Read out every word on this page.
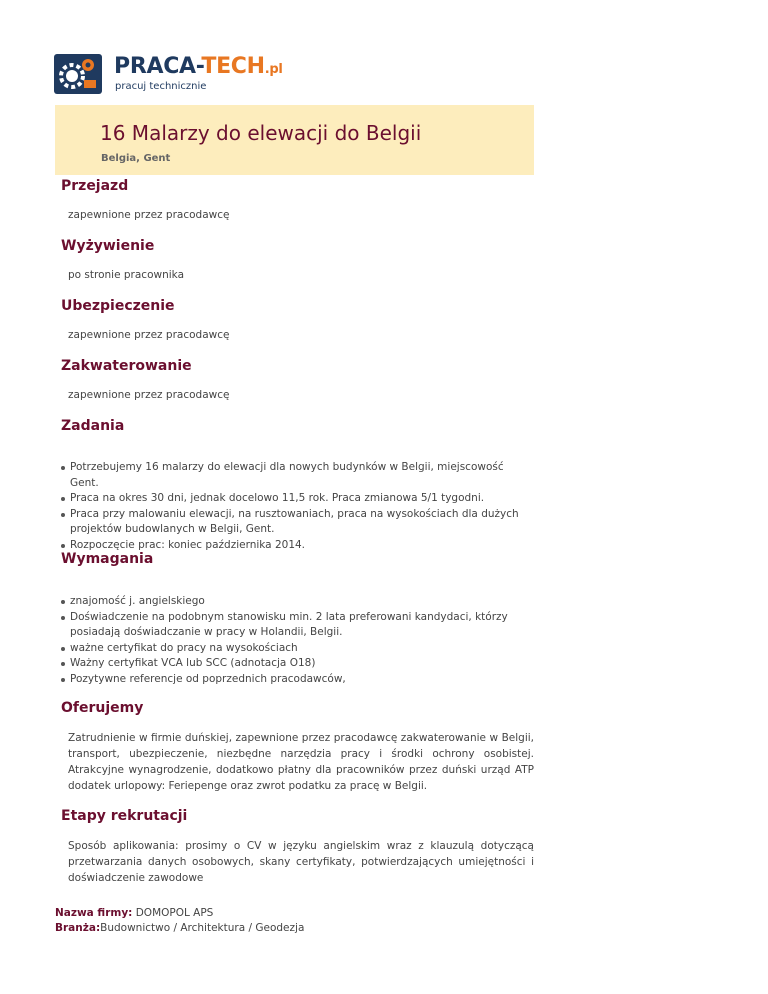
PRACA-TECH.pl
pracuj technicznie
16 Malarzy do elewacji do Belgii
Belgia, Gent
Przejazd
zapewnione przez pracodawcę
Wyżywienie
po stronie pracownika
Ubezpieczenie
zapewnione przez pracodawcę
Zakwaterowanie
zapewnione przez pracodawcę
Zadania
Potrzebujemy 16 malarzy do elewacji dla nowych budynków w Belgii, miejscowość Gent.
Praca na okres 30 dni, jednak docelowo 11,5 rok. Praca zmianowa 5/1 tygodni.
Praca przy malowaniu elewacji, na rusztowaniach, praca na wysokościach dla dużych projektów budowlanych w Belgii, Gent.
Rozpoczęcie prac: koniec października 2014.
Wymagania
znajomość j. angielskiego
Doświadczenie na podobnym stanowisku min. 2 lata preferowani kandydaci, którzy posiadają doświadczanie w pracy w Holandii, Belgii.
ważne certyfikat do pracy na wysokościach
Ważny certyfikat VCA lub SCC (adnotacja O18)
Pozytywne referencje od poprzednich pracodawców,
Oferujemy

Zatrudnienie w firmie duńskiej, zapewnione przez pracodawcę zakwaterowanie w Belgii, transport, ubezpieczenie, niezbędne narzędzia pracy i środki ochrony osobistej. Atrakcyjne wynagrodzenie, dodatkowo płatny dla pracowników przez duński urząd ATP dodatek urlopowy: Feriepenge oraz zwrot podatku za pracę w Belgii.

Etapy rekrutacji

Sposób aplikowania: prosimy o CV w języku angielskim wraz z klauzulą dotyczącą przetwarzania danych osobowych, skany certyfikaty, potwierdzających umiejętności i doświadczenie zawodowe

Nazwa firmy: DOMOPOL APS
Branża:Budownictwo / Architektura / Geodezja
